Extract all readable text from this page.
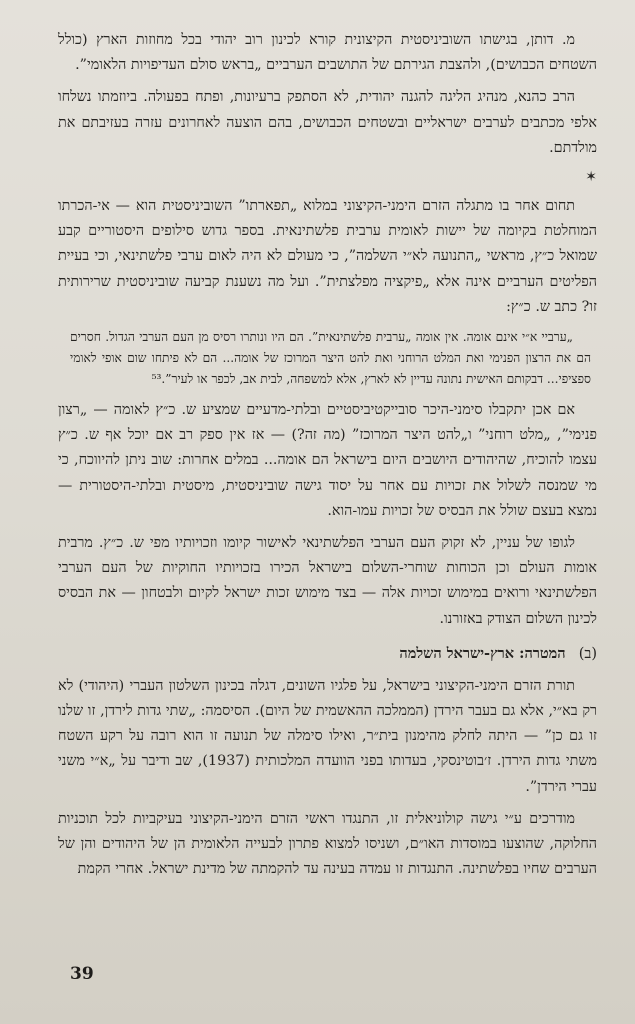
מ. דותן, בגישתו השוביניסטית הקיצונית קורא לכינון רוב יהודי בכל מחוזות הארץ (כולל השטחים הכבושים), ולהצבת הגירתם של התושבים הערביים „בראש סולם העדיפויות הלאומי”.

הרב כהנא, מנהיג הליגה להגנה יהודית, לא הסתפק ברעיונות, ופתח בפעולה. ביוזמתו נשלחו אלפי מכתבים לערבים ישראליים ובשטחים הכבושים, בהם הוצעה לאחרונים עזרה בעזיבתם את מולדתם.

✶

תחום אחר בו מתגלה הזרם הימני-הקיצוני במלוא „תפארתו” השוביניסטית הוא — אי-הכרתו המוחלטת בקיומה של יישות לאומית ערבית פלשתינאית. בספר גדוש סילופים היסטוריים קבע שמואל כ״ץ, מראשי „התנועה לא״י השלמה”, כי מעולם לא היה לאום ערבי פלשתינאי, וכי בעיית הפליטים הערביים אינה אלא „פיקציה מפלצתית”. ועל מה נשענת קביעה שוביניסטית שרירותית זו? כתב ש. כ״ץ:

„ערביי א״י אינם אומה. אין אומה „ערבית פלשתינאית”. הם היו ונותרו רסיס מן העם הערבי הגדול. חסרים הם את הרצון הפנימי ואת המלט הרוחני ואת להט היצר המרוכז של אומה... הם לא פיתחו שום אופי לאומי ספציפי... דבקותם האישית נתונה עדיין לא לארץ, אלא למשפחה, לבית אב, לכפר או לעיר”.⁵³

אם אכן יתקבלו סימני-היכר סובייקטיביסטיים ובלתי-מדעיים שמציע ש. כ״ץ לאומה — „רצון פנימי”, „מלט רוחני” ו„להט היצר המרוכז” (מה זה?) — אז אין ספק רב אם יוכל אף ש. כ״ץ עצמו להוכיח, שהיהודים היושבים היום בישראל הם אומה... במלים אחרות: שוב ניתן להיווכח, כי מי שמנסה לשלול את זכויות עם אחר על יסוד גישה שוביניסטית, מיסטית ובלתי-היסטורית — נמצא בעצם שולל את הבסיס של זכויות עמו-הוא.

לגופו של עניין, לא זקוק העם הערבי הפלשתינאי לאישור קיומו וזכויותיו מפי ש. כ״ץ. מרבית אומות העולם וכן הכוחות שוחרי-השלום בישראל הכירו בזכויותיו החוקיות של העם הערבי הפלשתינאי ורואים במימוש זכויות אלה — בצד מימוש זכות ישראל לקיום ולבטחון — את הבסיס לכינון השלום הצודק באזורנו.

(ב) המטרה: ארץ-ישראל השלמה

תורת הזרם הימני-הקיצוני בישראל, על פלגיו השונים, דגלה בכינון השלטון העברי (היהודי) לא רק בא״י, אלא גם בעבר הירדן (הממלכה ההאשמית של היום). הסיסמה: „שתי גדות לירדן, זו שלנו זו גם כן” — היתה לחלק מהימנון בית״ר, ואילו סימלה של תנועה זו הוא רובה על רקע השטח משתי גדות הירדן. ז׳בוטינסקי, בעדותו בפני הוועדה המלכותית (1937), שב ודיבר על „א״י משני עברי הירדן”.

מודרכים ע״י גישה קולוניאלית זו, התנגדו ראשי הזרם הימני-הקיצוני בעיקביות לכל תוכניות החלוקה, שהוצעו במוסדות האו״ם, ושניסו למצוא פתרון לבעייה הלאומית הן של היהודים והן של הערבים שחיו בפלשתינה. התנגדות זו עמדה בעינה עד להקמתה של מדינת ישראל. אחרי הקמת

39
